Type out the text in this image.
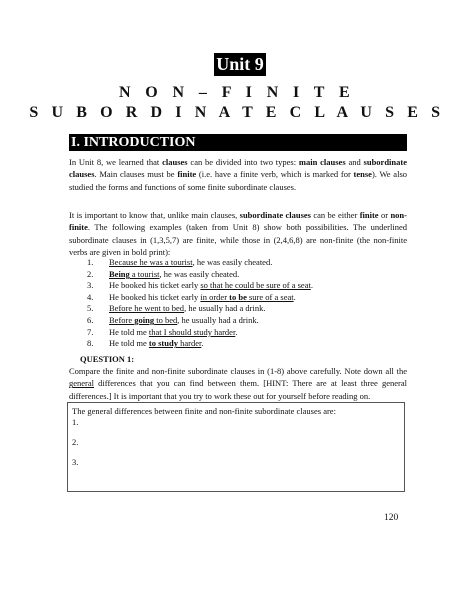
Unit 9
N O N – F I N I T E
S U B O R D I N A T E C L A U S E S
I. INTRODUCTION

In Unit 8, we learned that clauses can be divided into two types: main clauses and subordinate clauses. Main clauses must be finite (i.e. have a finite verb, which is marked for tense). We also studied the forms and functions of some finite subordinate clauses.

It is important to know that, unlike main clauses, subordinate clauses can be either finite or non-finite. The following examples (taken from Unit 8) show both possibilities. The underlined subordinate clauses in (1,3,5,7) are finite, while those in (2,4,6,8) are non-finite (the non-finite verbs are given in bold print):

1.	Because he was a tourist, he was easily cheated.
2.	Being a tourist, he was easily cheated.
3.	He booked his ticket early so that he could be sure of a seat.
4.	He booked his ticket early in order to be sure of a seat.
5.	Before he went to bed, he usually had a drink.
6.	Before going to bed, he usually had a drink.
7.	He told me that I should study harder.
8.	He told me to study harder.
QUESTION 1:

Compare the finite and non-finite subordinate clauses in (1-8) above carefully. Note down all the general differences that you can find between them. [HINT: There are at least three general differences.] It is important that you try to work these out for yourself before reading on.

The general differences between finite and non-finite subordinate clauses are:
1.
2.
3.
120
